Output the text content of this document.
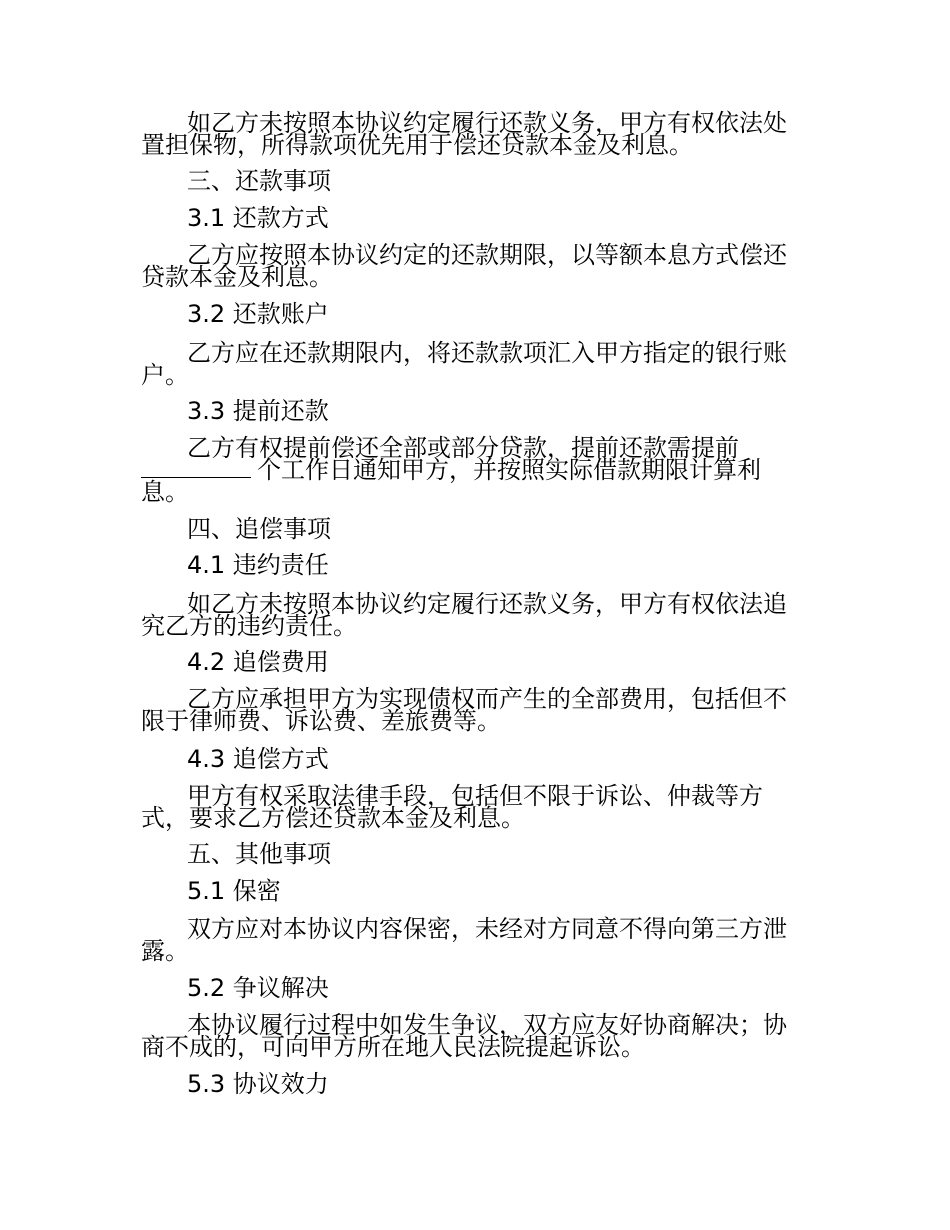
如乙方未按照本协议约定履行还款义务，甲方有权依法处
置担保物，所得款项优先用于偿还贷款本金及利息。
三、还款事项
3.1 还款方式
乙方应按照本协议约定的还款期限，以等额本息方式偿还
贷款本金及利息。
3.2 还款账户
乙方应在还款期限内，将还款款项汇入甲方指定的银行账
户。
3.3 提前还款
乙方有权提前偿还全部或部分贷款，提前还款需提前
个工作日通知甲方，并按照实际借款期限计算利
息。
四、追偿事项
4.1 违约责任
如乙方未按照本协议约定履行还款义务，甲方有权依法追
究乙方的违约责任。
4.2 追偿费用
乙方应承担甲方为实现债权而产生的全部费用，包括但不
限于律师费、诉讼费、差旅费等。
4.3 追偿方式
甲方有权采取法律手段，包括但不限于诉讼、仲裁等方
式，要求乙方偿还贷款本金及利息。
五、其他事项
5.1 保密
双方应对本协议内容保密，未经对方同意不得向第三方泄
露。
5.2 争议解决
本协议履行过程中如发生争议，双方应友好协商解决；协
商不成的，可向甲方所在地人民法院提起诉讼。
5.3 协议效力
